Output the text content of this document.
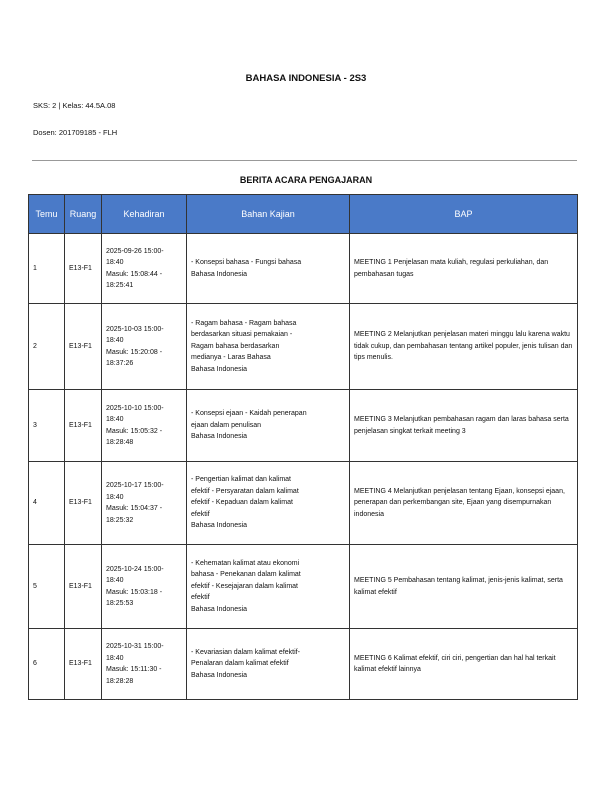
BAHASA INDONESIA - 2S3
SKS: 2 | Kelas: 44.5A.08
Dosen: 201709185 - FLH
BERITA ACARA PENGAJARAN
Temu	Ruang	Kehadiran	Bahan Kajian	BAP
1	E13-F1	2025-09-26 15:00-
18:40
Masuk: 15:08:44 -
18:25:41	- Konsepsi bahasa - Fungsi bahasa
Bahasa Indonesia	MEETING 1 Penjelasan mata kuliah, regulasi perkuliahan, dan pembahasan tugas
2	E13-F1	2025-10-03 15:00-
18:40
Masuk: 15:20:08 -
18:37:26	- Ragam bahasa - Ragam bahasa
berdasarkan situasi pemakaian -
Ragam bahasa berdasarkan
medianya - Laras Bahasa
Bahasa Indonesia	MEETING 2 Melanjutkan penjelasan materi minggu lalu karena waktu tidak cukup, dan pembahasan tentang artikel populer, jenis tulisan dan tips menulis.
3	E13-F1	2025-10-10 15:00-
18:40
Masuk: 15:05:32 -
18:28:48	- Konsepsi ejaan - Kaidah penerapan
ejaan dalam penulisan
Bahasa Indonesia	MEETING 3 Melanjutkan pembahasan ragam dan laras bahasa serta penjelasan singkat terkait meeting 3
4	E13-F1	2025-10-17 15:00-
18:40
Masuk: 15:04:37 -
18:25:32	- Pengertian kalimat dan kalimat
efektif - Persyaratan dalam kalimat
efektif - Kepaduan dalam kalimat
efektif
Bahasa Indonesia	MEETING 4 Melanjutkan penjelasan tentang Ejaan, konsepsi ejaan, penerapan dan perkembangan site, Ejaan yang disempurnakan indonesia
5	E13-F1	2025-10-24 15:00-
18:40
Masuk: 15:03:18 -
18:25:53	- Kehematan kalimat atau ekonomi
bahasa - Penekanan dalam kalimat
efektif - Kesejajaran dalam kalimat
efektif
Bahasa Indonesia	MEETING 5 Pembahasan tentang kalimat, jenis-jenis kalimat, serta kalimat efektif
6	E13-F1	2025-10-31 15:00-
18:40
Masuk: 15:11:30 -
18:28:28	- Kevariasian dalam kalimat efektif-
Penalaran dalam kalimat efektif
Bahasa Indonesia	MEETING 6 Kalimat efektif, ciri ciri, pengertian dan hal hal terkait kalimat efektif lainnya
